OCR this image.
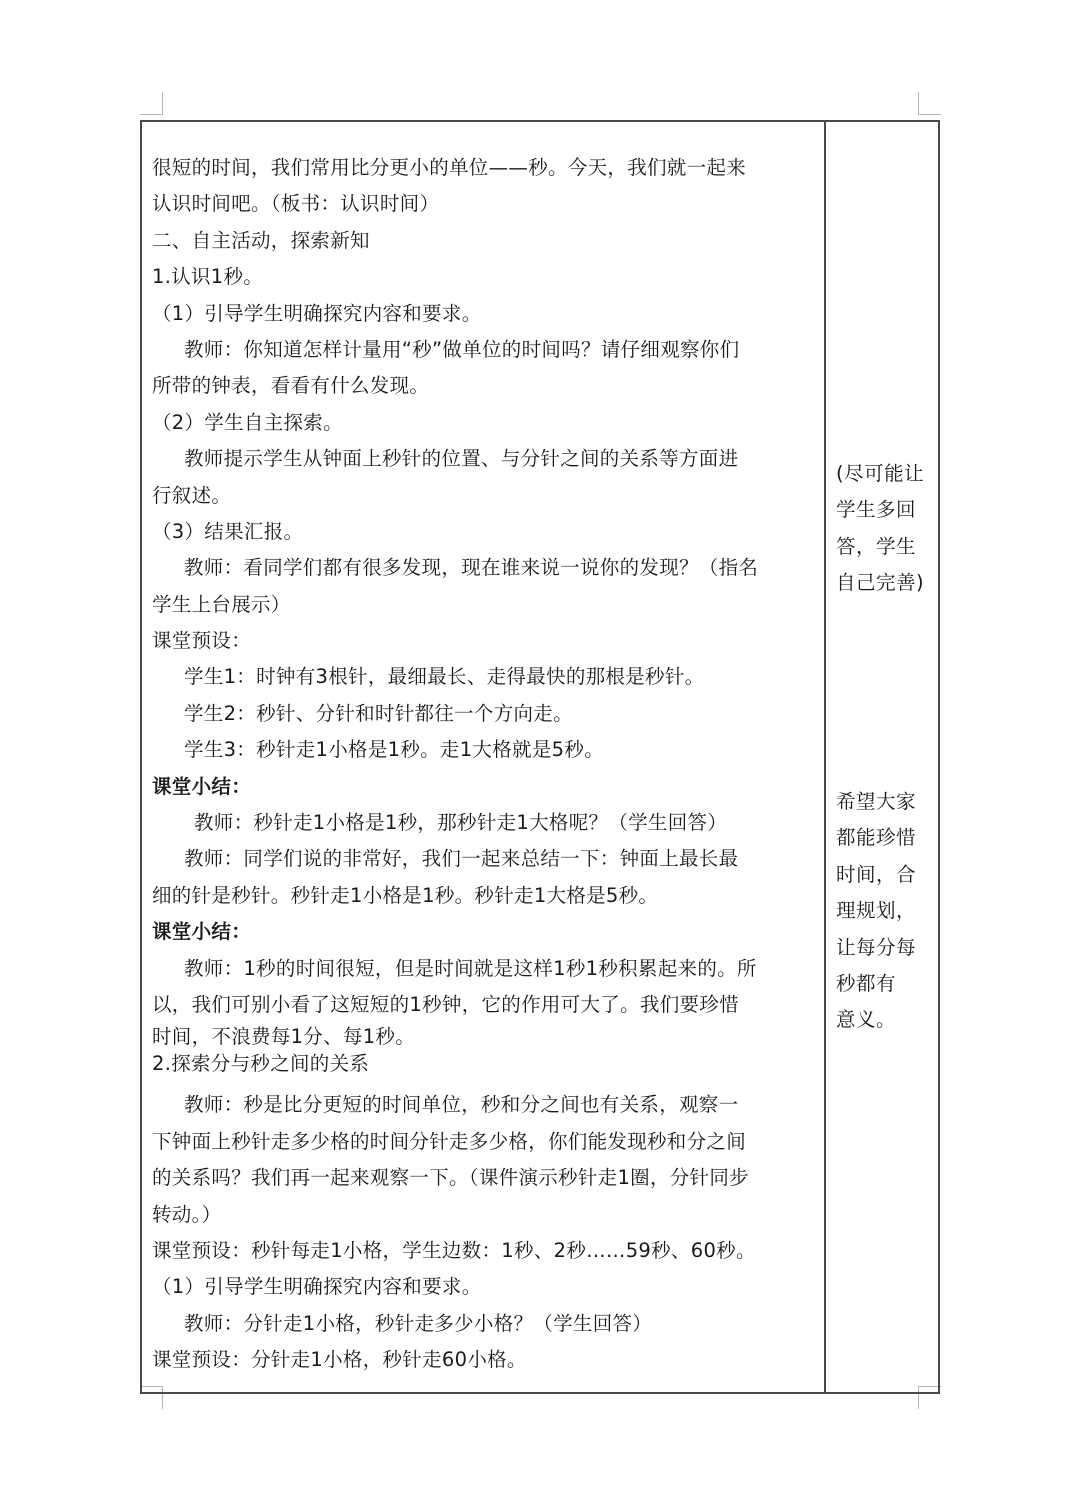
很短的时间，我们常用比分更小的单位——秒。今天，我们就一起来
认识时间吧。（板书：认识时间）
二、自主活动，探索新知
1.认识1秒。
（1）引导学生明确探究内容和要求。
教师：你知道怎样计量用“秒”做单位的时间吗？请仔细观察你们
所带的钟表，看看有什么发现。
（2）学生自主探索。
教师提示学生从钟面上秒针的位置、与分针之间的关系等方面进
行叙述。
（3）结果汇报。
教师：看同学们都有很多发现，现在谁来说一说你的发现？（指名
学生上台展示）
课堂预设：
学生1：时钟有3根针，最细最长、走得最快的那根是秒针。
学生2：秒针、分针和时针都往一个方向走。
学生3：秒针走1小格是1秒。走1大格就是5秒。
课堂小结：
教师：秒针走1小格是1秒，那秒针走1大格呢？（学生回答）
教师：同学们说的非常好，我们一起来总结一下：钟面上最长最
细的针是秒针。秒针走1小格是1秒。秒针走1大格是5秒。
课堂小结：
教师：1秒的时间很短，但是时间就是这样1秒1秒积累起来的。所
以，我们可别小看了这短短的1秒钟，它的作用可大了。我们要珍惜
时间，不浪费每1分、每1秒。
2.探索分与秒之间的关系
教师：秒是比分更短的时间单位，秒和分之间也有关系，观察一
下钟面上秒针走多少格的时间分针走多少格，你们能发现秒和分之间
的关系吗？我们再一起来观察一下。（课件演示秒针走1圈，分针同步
转动。）
课堂预设：秒针每走1小格，学生边数：1秒、2秒……59秒、60秒。
（1）引导学生明确探究内容和要求。
教师：分针走1小格，秒针走多少小格？（学生回答）
课堂预设：分针走1小格，秒针走60小格。
(尽可能让
学生多回
答，学生
自己完善)
希望大家
都能珍惜
时间，合
理规划，
让每分每
秒都有
意义。
